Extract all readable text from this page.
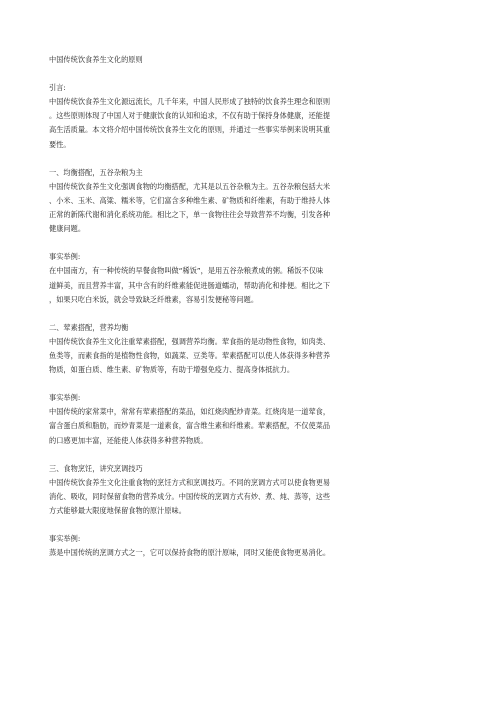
中国传统饮食养生文化的原则
引言:
中国传统饮食养生文化源远流长，几千年来，中国人民形成了独特的饮食养生理念和原则
。这些原则体现了中国人对于健康饮食的认知和追求，不仅有助于保持身体健康，还能提
高生活质量。本文将介绍中国传统饮食养生文化的原则，并通过一些事实举例来说明其重
要性。
一、均衡搭配，五谷杂粮为主
中国传统饮食养生文化强调食物的均衡搭配，尤其是以五谷杂粮为主。五谷杂粮包括大米
、小米、玉米、高粱、糯米等，它们富含多种维生素、矿物质和纤维素，有助于维持人体
正常的新陈代谢和消化系统功能。相比之下，单一食物往往会导致营养不均衡，引发各种
健康问题。
事实举例:
在中国南方，有一种传统的早餐食物叫做“稀饭”，是用五谷杂粮煮成的粥。稀饭不仅味
道鲜美，而且营养丰富，其中含有的纤维素能促进肠道蠕动，帮助消化和排便。相比之下
，如果只吃白米饭，就会导致缺乏纤维素，容易引发便秘等问题。
二、荤素搭配，营养均衡
中国传统饮食养生文化注重荤素搭配，强调营养均衡。荤食指的是动物性食物，如肉类、
鱼类等，而素食指的是植物性食物，如蔬菜、豆类等。荤素搭配可以使人体获得多种营养
物质，如蛋白质、维生素、矿物质等，有助于增强免疫力、提高身体抵抗力。
事实举例:
中国传统的家常菜中，常常有荤素搭配的菜品，如红烧肉配炒青菜。红烧肉是一道荤食，
富含蛋白质和脂肪，而炒青菜是一道素食，富含维生素和纤维素。荤素搭配，不仅使菜品
的口感更加丰富，还能使人体获得多种营养物质。
三、食物烹饪，讲究烹调技巧
中国传统饮食养生文化注重食物的烹饪方式和烹调技巧。不同的烹调方式可以使食物更易
消化、吸收，同时保留食物的营养成分。中国传统的烹调方式有炒、煮、炖、蒸等，这些
方式能够最大限度地保留食物的原汁原味。
事实举例:
蒸是中国传统的烹调方式之一，它可以保持食物的原汁原味，同时又能使食物更易消化。
